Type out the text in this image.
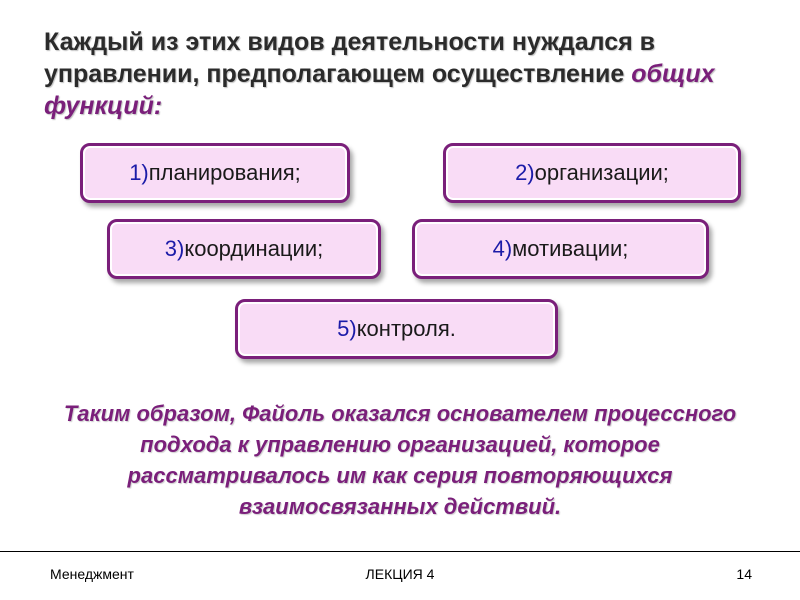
Каждый из этих видов деятельности нуждался в управлении, предполагающем осуществление общих функций:
1) планирования;	2) организации;
3) координации;	4) мотивации;
5) контроля.

Таким образом, Файоль оказался основателем процессного подхода к управлению организацией, которое рассматривалось им как серия повторяющихся взаимосвязанных действий.

Менеджмент	ЛЕКЦИЯ 4	14
